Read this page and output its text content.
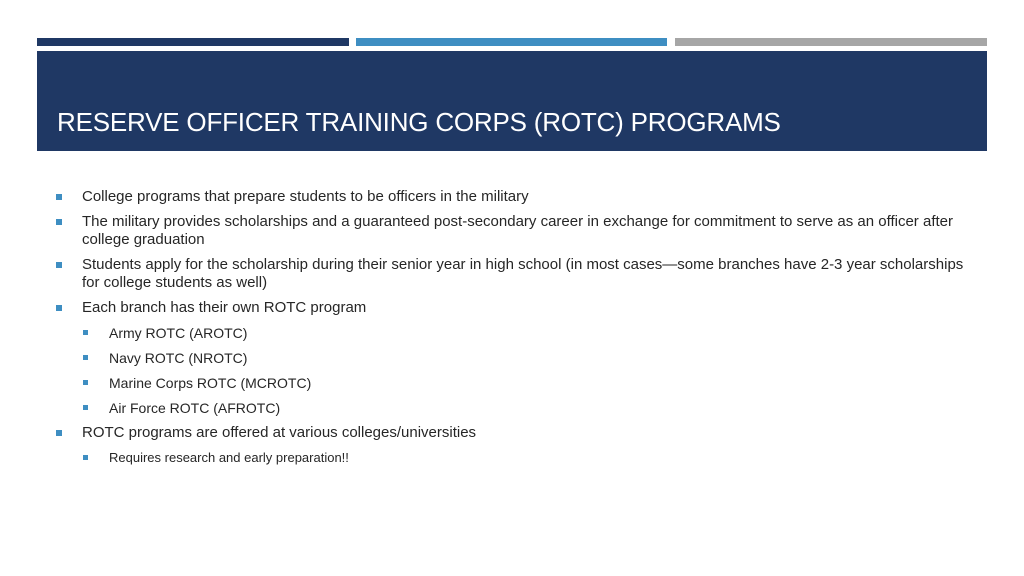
RESERVE OFFICER TRAINING CORPS (ROTC) PROGRAMS
College programs that prepare students to be officers in the military
The military provides scholarships and a guaranteed post-secondary career in exchange for commitment to serve as an officer after college graduation
Students apply for the scholarship during their senior year in high school (in most cases—some branches have 2-3 year scholarships for college students as well)
Each branch has their own ROTC program
Army ROTC (AROTC)
Navy ROTC (NROTC)
Marine Corps ROTC (MCROTC)
Air Force ROTC (AFROTC)
ROTC programs are offered at various colleges/universities
Requires research and early preparation!!
